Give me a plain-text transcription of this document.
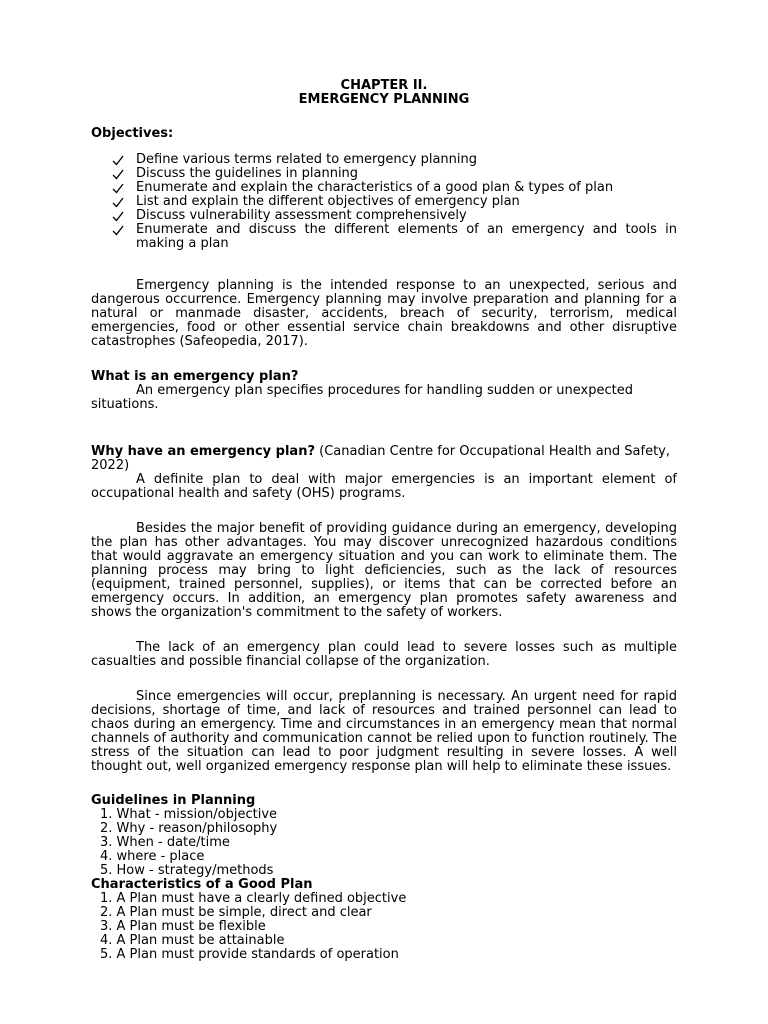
CHAPTER II.

EMERGENCY PLANNING

Objectives:

Define various terms related to emergency planning
Discuss the guidelines in planning
Enumerate and explain the characteristics of a good plan & types of plan
List and explain the different objectives of emergency plan
Discuss vulnerability assessment comprehensively
Enumerate and discuss the different elements of an emergency and tools in making a plan

Emergency planning is the intended response to an unexpected, serious and dangerous occurrence. Emergency planning may involve preparation and planning for a natural or manmade disaster, accidents, breach of security, terrorism, medical emergencies, food or other essential service chain breakdowns and other disruptive catastrophes (Safeopedia, 2017).

What is an emergency plan?

An emergency plan specifies procedures for handling sudden or unexpected situations.

Why have an emergency plan? (Canadian Centre for Occupational Health and Safety, 2022)

A definite plan to deal with major emergencies is an important element of occupational health and safety (OHS) programs.

Besides the major benefit of providing guidance during an emergency, developing the plan has other advantages. You may discover unrecognized hazardous conditions that would aggravate an emergency situation and you can work to eliminate them. The planning process may bring to light deficiencies, such as the lack of resources (equipment, trained personnel, supplies), or items that can be corrected before an emergency occurs. In addition, an emergency plan promotes safety awareness and shows the organization's commitment to the safety of workers.

The lack of an emergency plan could lead to severe losses such as multiple casualties and possible financial collapse of the organization.

Since emergencies will occur, preplanning is necessary. An urgent need for rapid decisions, shortage of time, and lack of resources and trained personnel can lead to chaos during an emergency. Time and circumstances in an emergency mean that normal channels of authority and communication cannot be relied upon to function routinely. The stress of the situation can lead to poor judgment resulting in severe losses. A well thought out, well organized emergency response plan will help to eliminate these issues.

Guidelines in Planning

1. What - mission/objective
2. Why - reason/philosophy
3. When - date/time
4. where - place
5. How - strategy/methods

Characteristics of a Good Plan

1. A Plan must have a clearly defined objective
2. A Plan must be simple, direct and clear
3. A Plan must be flexible
4. A Plan must be attainable
5. A Plan must provide standards of operation
